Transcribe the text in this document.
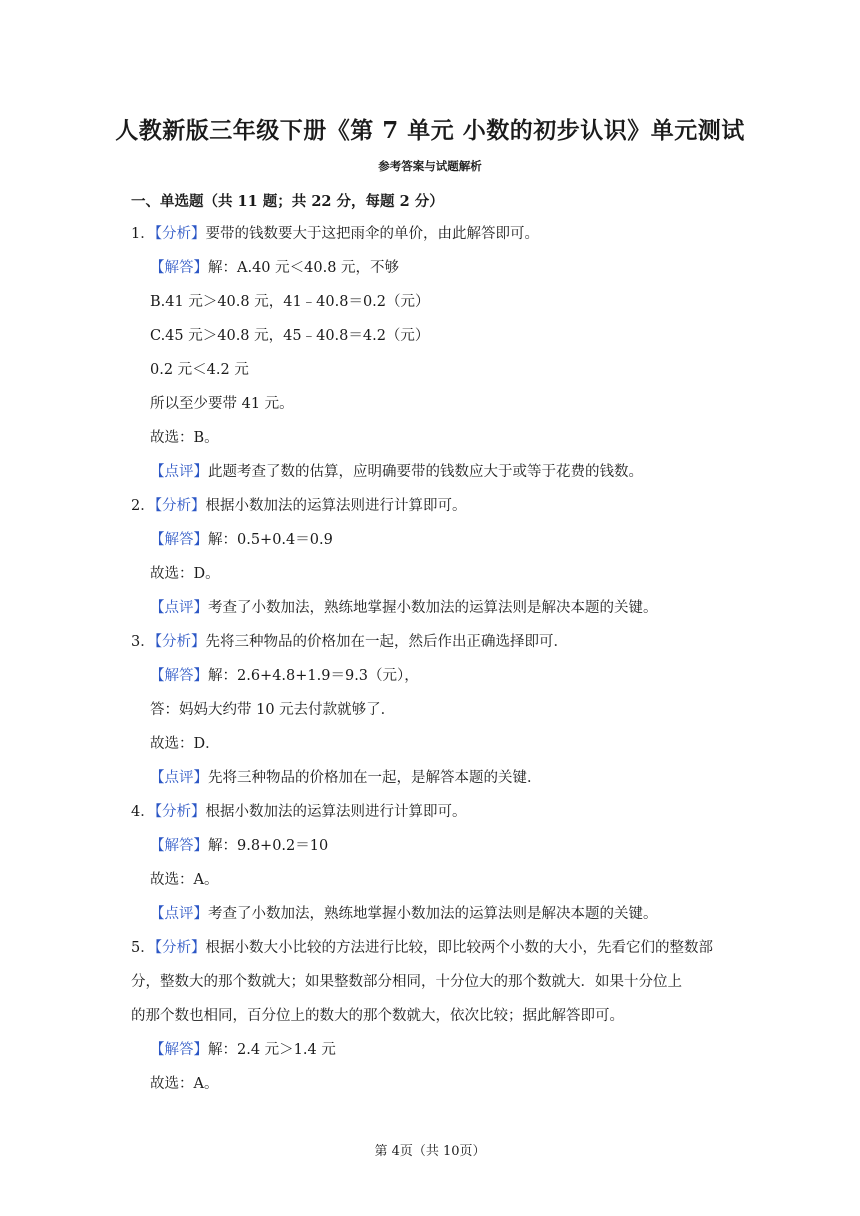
人教新版三年级下册《第 7 单元 小数的初步认识》单元测试
参考答案与试题解析
一、单选题（共 11 题；共 22 分，每题 2 分）
1．【分析】要带的钱数要大于这把雨伞的单价，由此解答即可。
【解答】解：A.40 元＜40.8 元，不够
B.41 元＞40.8 元，41﹣40.8＝0.2（元）
C.45 元＞40.8 元，45﹣40.8＝4.2（元）
0.2 元＜4.2 元
所以至少要带 41 元。
故选：B。
【点评】此题考查了数的估算，应明确要带的钱数应大于或等于花费的钱数。
2．【分析】根据小数加法的运算法则进行计算即可。
【解答】解：0.5+0.4＝0.9
故选：D。
【点评】考查了小数加法，熟练地掌握小数加法的运算法则是解决本题的关键。
3．【分析】先将三种物品的价格加在一起，然后作出正确选择即可．
【解答】解：2.6+4.8+1.9＝9.3（元），
答：妈妈大约带 10 元去付款就够了．
故选：D．
【点评】先将三种物品的价格加在一起，是解答本题的关键．
4．【分析】根据小数加法的运算法则进行计算即可。
【解答】解：9.8+0.2＝10
故选：A。
【点评】考查了小数加法，熟练地掌握小数加法的运算法则是解决本题的关键。
5．【分析】根据小数大小比较的方法进行比较，即比较两个小数的大小，先看它们的整数部
分，整数大的那个数就大；如果整数部分相同，十分位大的那个数就大．如果十分位上
的那个数也相同，百分位上的数大的那个数就大，依次比较；据此解答即可。
【解答】解：2.4 元＞1.4 元
故选：A。
第 4页（共 10页）
